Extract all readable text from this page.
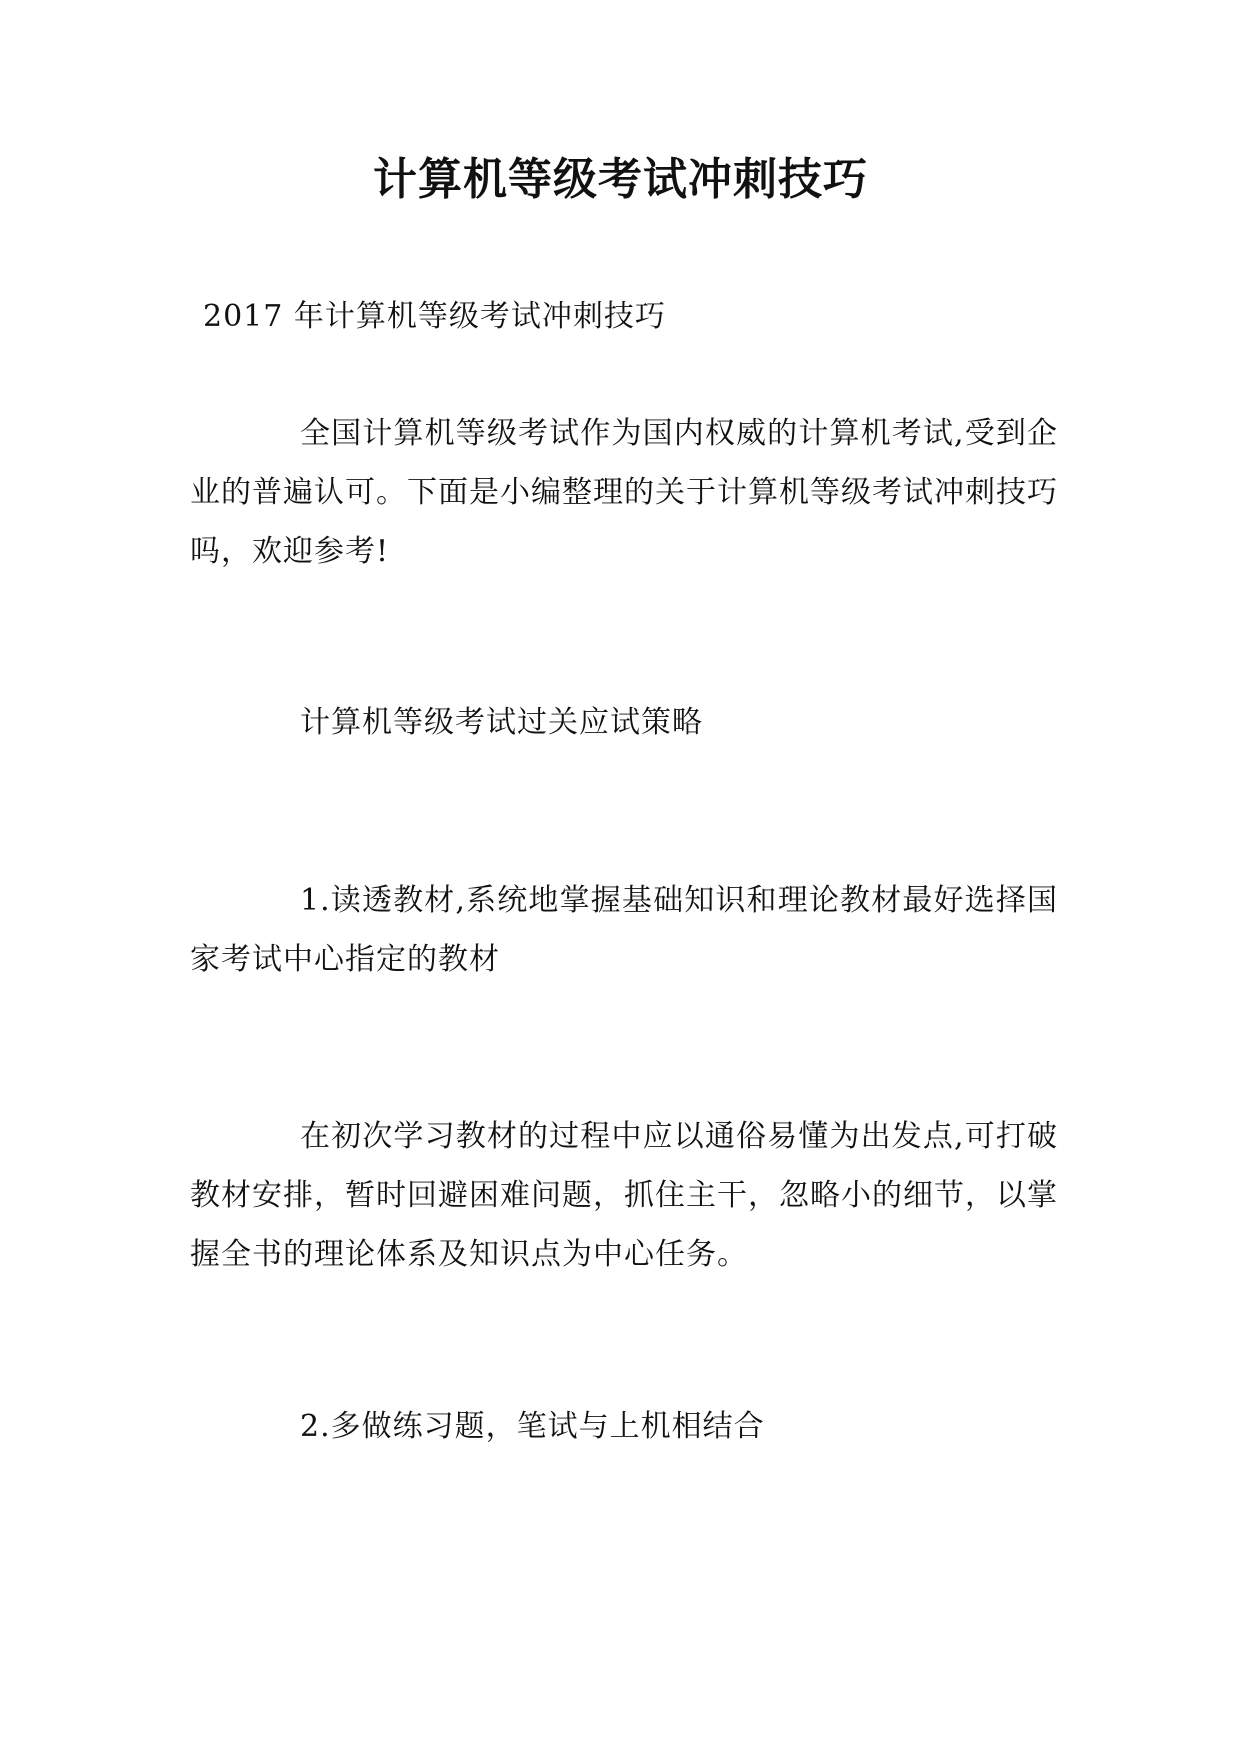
计算机等级考试冲刺技巧

2017 年计算机等级考试冲刺技巧

全国计算机等级考试作为国内权威的计算机考试,受到企业的普遍认可。下面是小编整理的关于计算机等级考试冲刺技巧吗，欢迎参考!

计算机等级考试过关应试策略

1.读透教材,系统地掌握基础知识和理论教材最好选择国家考试中心指定的教材

在初次学习教材的过程中应以通俗易懂为出发点,可打破教材安排，暂时回避困难问题，抓住主干，忽略小的细节，以掌握全书的理论体系及知识点为中心任务。

2.多做练习题，笔试与上机相结合
